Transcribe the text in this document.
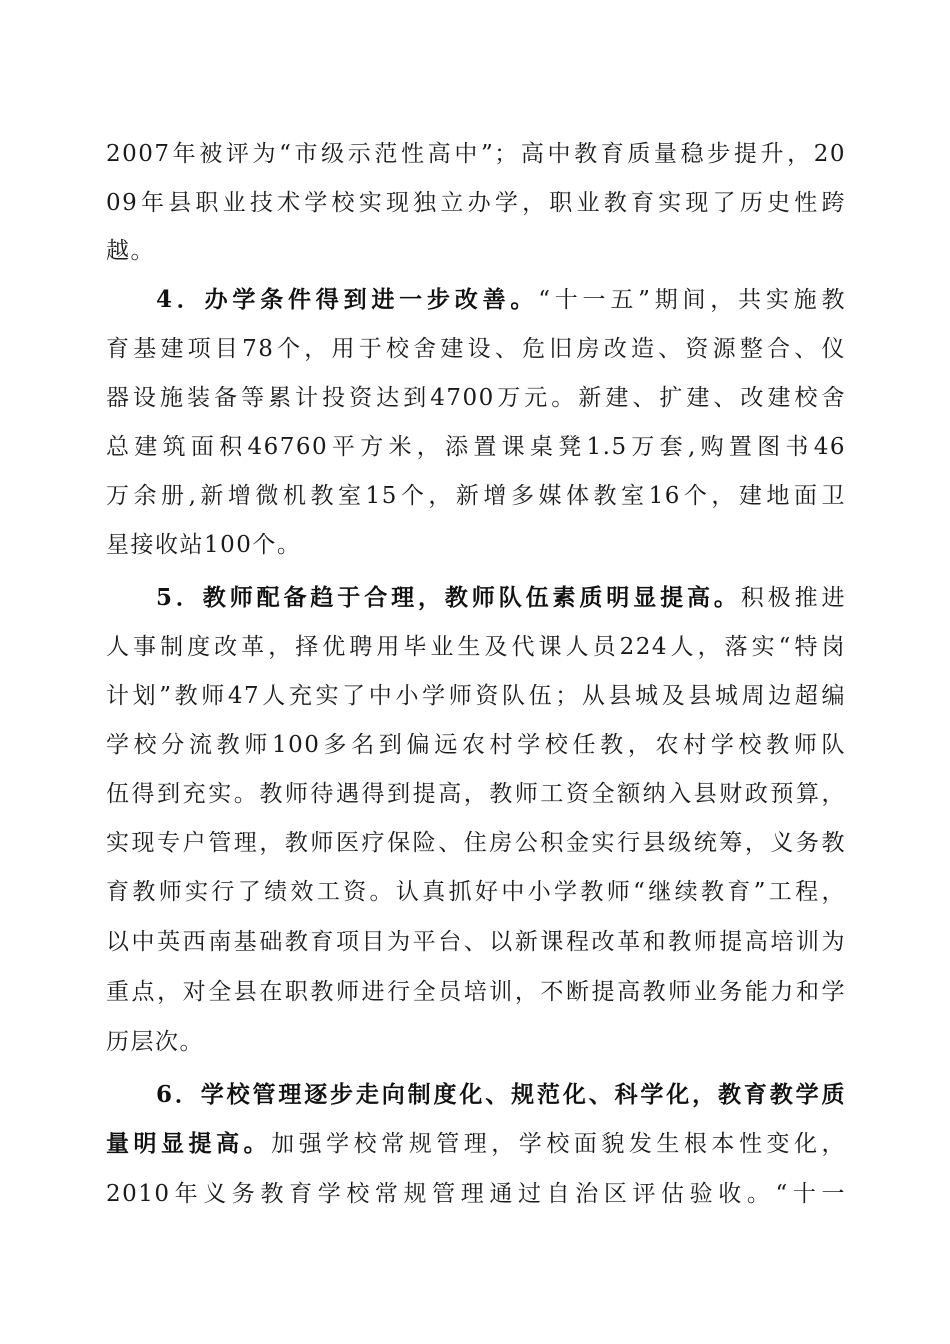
2007年被评为“市级示范性高中”；高中教育质量稳步提升，20
09年县职业技术学校实现独立办学，职业教育实现了历史性跨
越。
4．办学条件得到进一步改善。“十一五”期间，共实施教
育基建项目78个，用于校舍建设、危旧房改造、资源整合、仪
器设施装备等累计投资达到4700万元。新建、扩建、改建校舍
总建筑面积46760平方米，添置课桌凳1.5万套,购置图书46
万余册,新增微机教室15个，新增多媒体教室16个，建地面卫
星接收站100个。
5．教师配备趋于合理，教师队伍素质明显提高。积极推进
人事制度改革，择优聘用毕业生及代课人员224人，落实“特岗
计划”教师47人充实了中小学师资队伍；从县城及县城周边超编
学校分流教师100多名到偏远农村学校任教，农村学校教师队
伍得到充实。教师待遇得到提高，教师工资全额纳入县财政预算，
实现专户管理，教师医疗保险、住房公积金实行县级统筹，义务教
育教师实行了绩效工资。认真抓好中小学教师“继续教育”工程，
以中英西南基础教育项目为平台、以新课程改革和教师提高培训为
重点，对全县在职教师进行全员培训，不断提高教师业务能力和学
历层次。
6．学校管理逐步走向制度化、规范化、科学化，教育教学质
量明显提高。加强学校常规管理，学校面貌发生根本性变化，
2010年义务教育学校常规管理通过自治区评估验收。“十一
